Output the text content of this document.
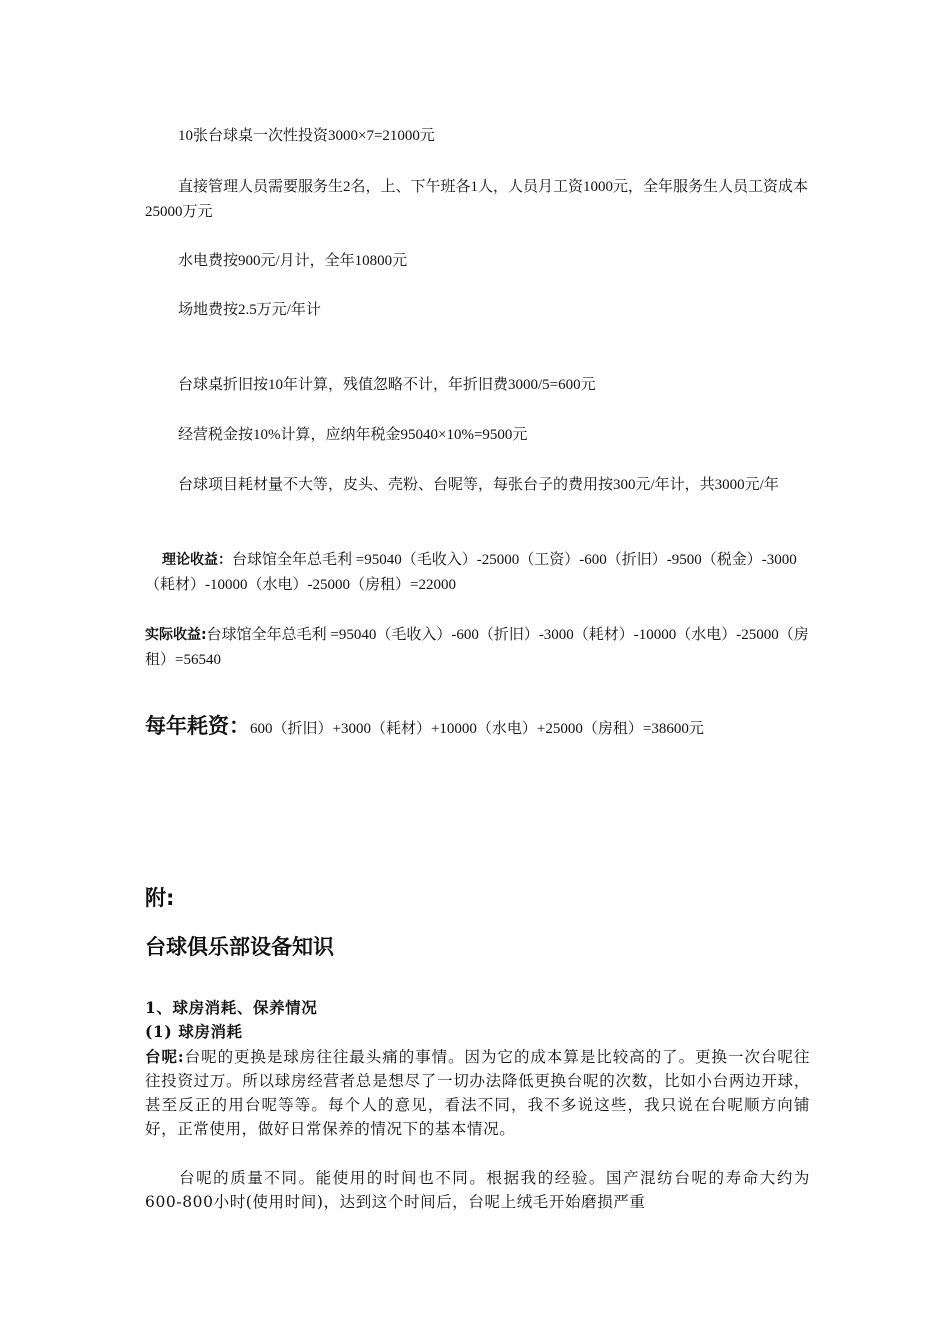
10张台球桌一次性投资3000×7=21000元
直接管理人员需要服务生2名，上、下午班各1人，人员月工资1000元，全年服务生人员工资成本25000万元
水电费按900元/月计，全年10800元
场地费按2.5万元/年计
台球桌折旧按10年计算，残值忽略不计，年折旧费3000/5=600元
经营税金按10%计算，应纳年税金95040×10%=9500元
台球项目耗材量不大等，皮头、壳粉、台呢等，每张台子的费用按300元/年计，共3000元/年
理论收益：台球馆全年总毛利 =95040（毛收入）-25000（工资）-600（折旧）-9500（税金）-3000（耗材）-10000（水电）-25000（房租）=22000
实际收益:台球馆全年总毛利 =95040（毛收入）-600（折旧）-3000（耗材）-10000（水电）-25000（房租）=56540
每年耗资：600（折旧）+3000（耗材）+10000（水电）+25000（房租）=38600元
附:
台球俱乐部设备知识
1、球房消耗、保养情况
(1) 球房消耗
台呢:台呢的更换是球房往往最头痛的事情。因为它的成本算是比较高的了。更换一次台呢往往投资过万。所以球房经营者总是想尽了一切办法降低更换台呢的次数，比如小台两边开球，甚至反正的用台呢等等。每个人的意见，看法不同，我不多说这些，我只说在台呢顺方向铺好，正常使用，做好日常保养的情况下的基本情况。
台呢的质量不同。能使用的时间也不同。根据我的经验。国产混纺台呢的寿命大约为600-800小时(使用时间)，达到这个时间后，台呢上绒毛开始磨损严重
